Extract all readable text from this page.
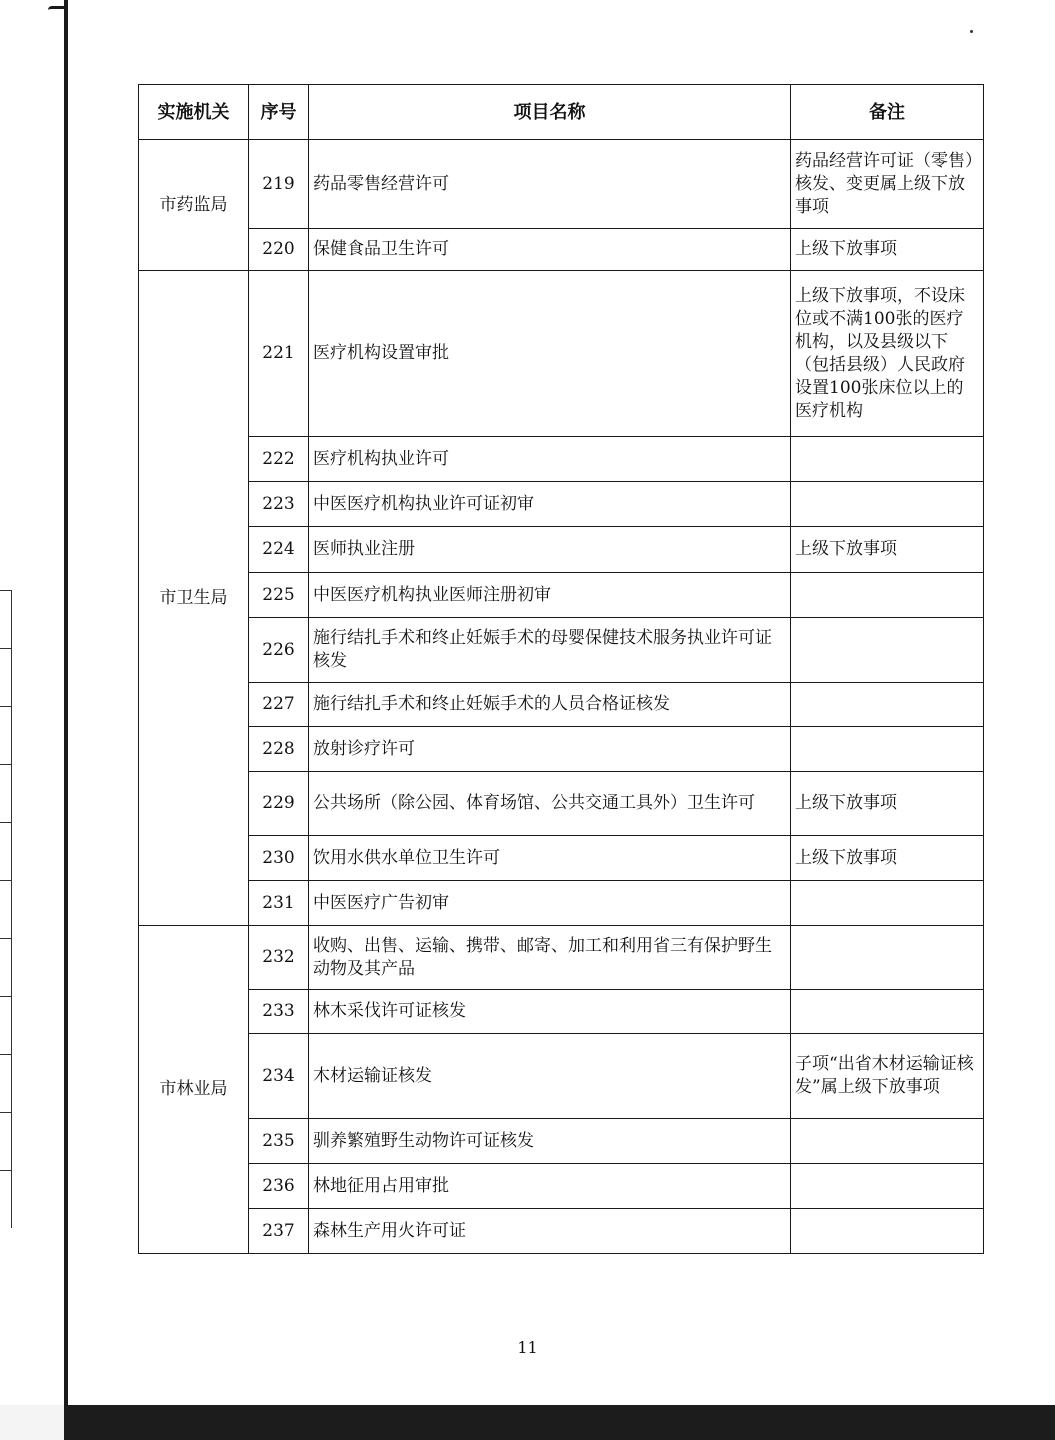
实施机关	序号	项目名称	备注
市药监局	219	药品零售经营许可	药品经营许可证（零售）核发、变更属上级下放事项
	220	保健食品卫生许可	上级下放事项
市卫生局	221	医疗机构设置审批	上级下放事项，不设床位或不满100张的医疗机构，以及县级以下（包括县级）人民政府设置100张床位以上的医疗机构
	222	医疗机构执业许可	
	223	中医医疗机构执业许可证初审	
	224	医师执业注册	上级下放事项
	225	中医医疗机构执业医师注册初审	
	226	施行结扎手术和终止妊娠手术的母婴保健技术服务执业许可证核发	
	227	施行结扎手术和终止妊娠手术的人员合格证核发	
	228	放射诊疗许可	
	229	公共场所（除公园、体育场馆、公共交通工具外）卫生许可	上级下放事项
	230	饮用水供水单位卫生许可	上级下放事项
	231	中医医疗广告初审	
市林业局	232	收购、出售、运输、携带、邮寄、加工和利用省三有保护野生动物及其产品	
	233	林木采伐许可证核发	
	234	木材运输证核发	子项“出省木材运输证核发”属上级下放事项
	235	驯养繁殖野生动物许可证核发	
	236	林地征用占用审批	
	237	森林生产用火许可证	
11
